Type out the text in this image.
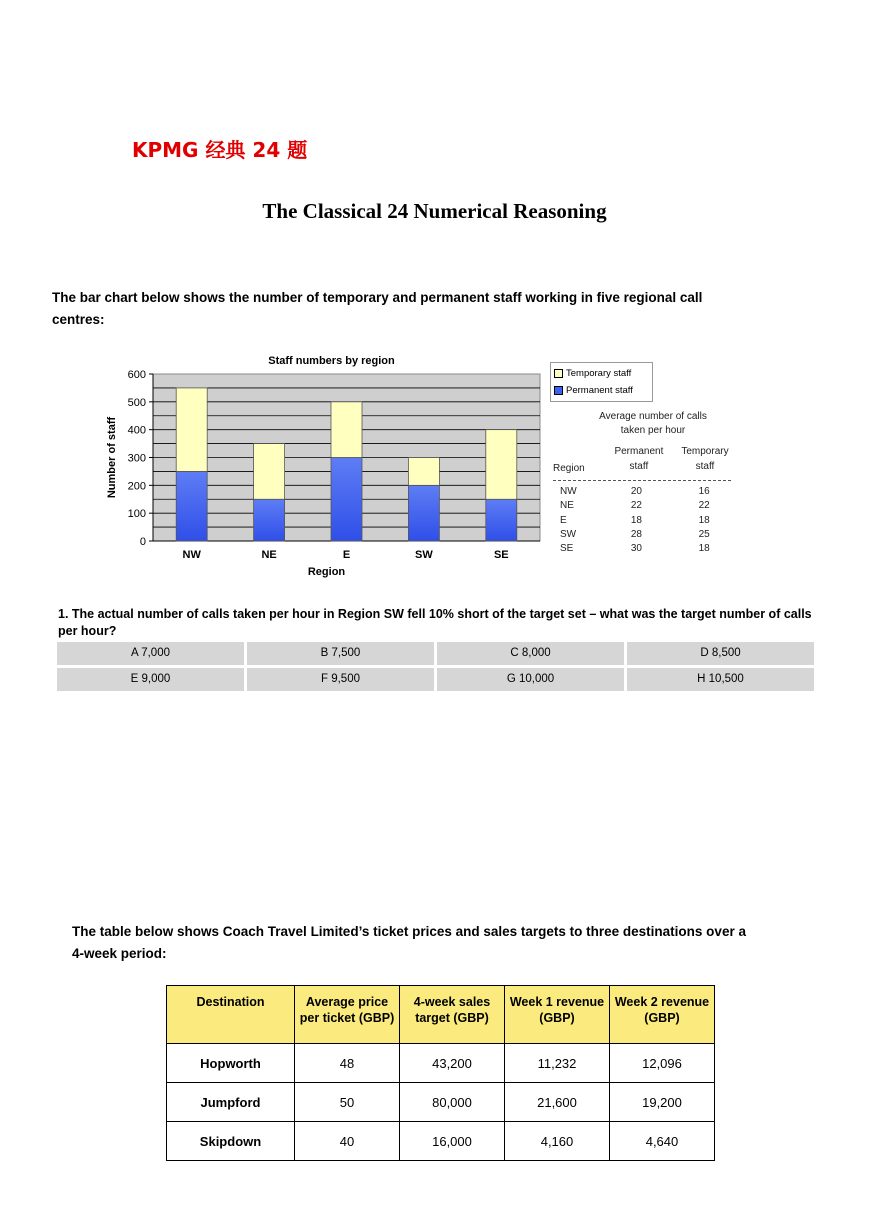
KPMG 经典 24 题
The Classical 24 Numerical Reasoning
The bar chart below shows the number of temporary and permanent staff working in five regional call centres:
0
100
200
300
400
500
600
NW	NE	E	SW	SE
Staff numbers by region
Region
Number of staff
Temporary staff
Permanent staff
Average number of calls
taken per hour
Region
Permanent
staff
Temporary
staff
NW	20	16
NE	22	22
E	18	18
SW	28	25
SE	30	18
1. The actual number of calls taken per hour in Region SW fell 10% short of the target set – what was the target number of calls per hour?
A 7,000	B 7,500	C 8,000	D 8,500
E 9,000	F 9,500	G 10,000	H 10,500
The table below shows Coach Travel Limited’s ticket prices and sales targets to three destinations over a 4-week period:
Destination	Average price per ticket (GBP)	4-week sales target (GBP)	Week 1 revenue (GBP)	Week 2 revenue (GBP)
Hopworth	48	43,200	11,232	12,096
Jumpford	50	80,000	21,600	19,200
Skipdown	40	16,000	4,160	4,640
